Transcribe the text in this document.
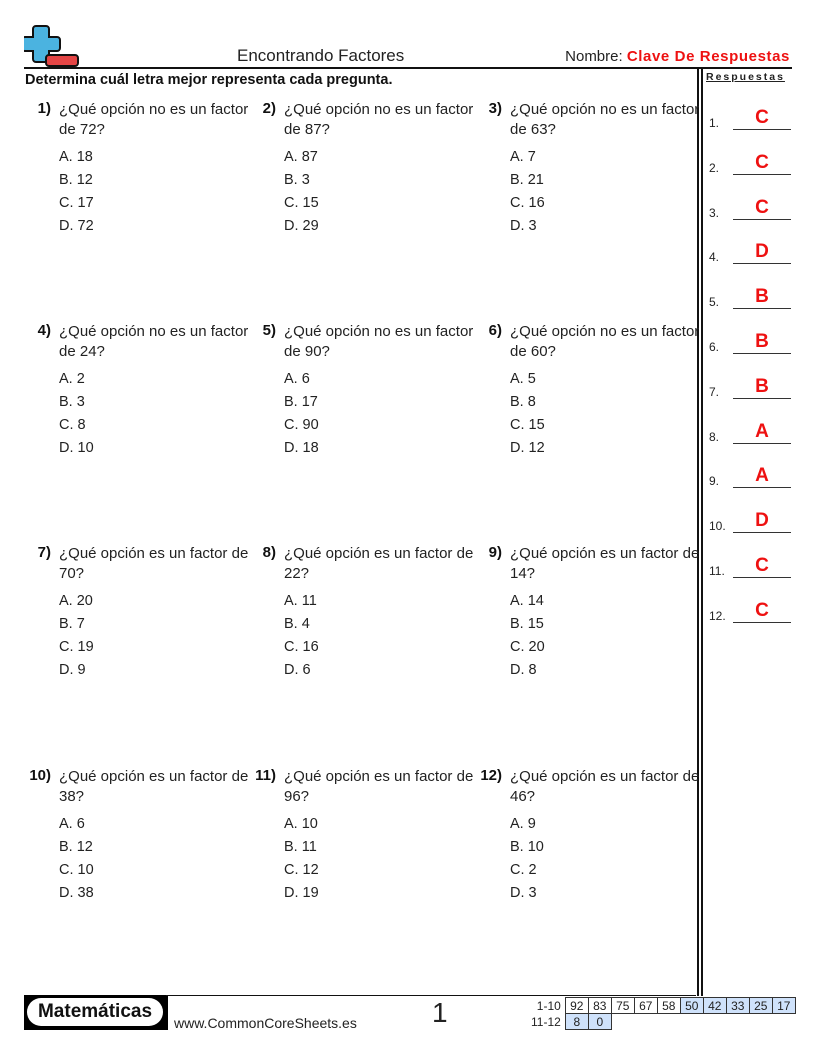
Encontrando Factores	Nombre: Clave De Respuestas
Determina cuál letra mejor representa cada pregunta.
1) ¿Qué opción no es un factor de 72?
A. 18
B. 12
C. 17
D. 72
2) ¿Qué opción no es un factor de 87?
A. 87
B. 3
C. 15
D. 29
3) ¿Qué opción no es un factor de 63?
A. 7
B. 21
C. 16
D. 3
4) ¿Qué opción no es un factor de 24?
A. 2
B. 3
C. 8
D. 10
5) ¿Qué opción no es un factor de 90?
A. 6
B. 17
C. 90
D. 18
6) ¿Qué opción no es un factor de 60?
A. 5
B. 8
C. 15
D. 12
7) ¿Qué opción es un factor de 70?
A. 20
B. 7
C. 19
D. 9
8) ¿Qué opción es un factor de 22?
A. 11
B. 4
C. 16
D. 6
9) ¿Qué opción es un factor de 14?
A. 14
B. 15
C. 20
D. 8
10) ¿Qué opción es un factor de 38?
A. 6
B. 12
C. 10
D. 38
11) ¿Qué opción es un factor de 96?
A. 10
B. 11
C. 12
D. 19
12) ¿Qué opción es un factor de 46?
A. 9
B. 10
C. 2
D. 3
Respuestas
1.	C
2.	C
3.	C
4.	D
5.	B
6.	B
7.	B
8.	A
9.	A
10.	D
11.	C
12.	C
Matemáticas
www.CommonCoreSheets.es	1	1-10	92	83	75	67	58	50	42	33	25	17
11-12	8	0								
